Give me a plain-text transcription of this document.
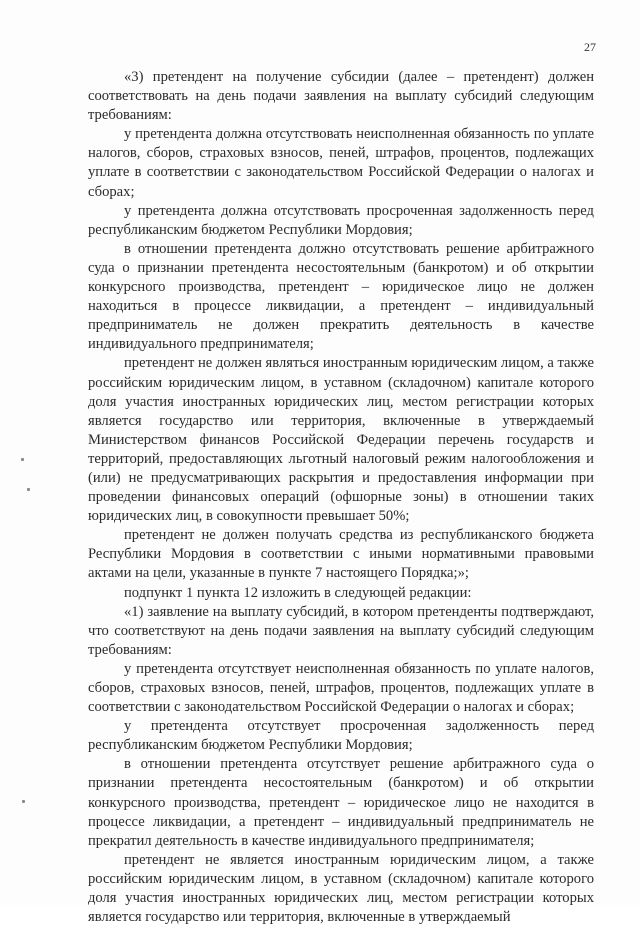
27

«3) претендент на получение субсидии (далее – претендент) должен соответствовать на день подачи заявления на выплату субсидий следующим требованиям:

у претендента должна отсутствовать неисполненная обязанность по уплате налогов, сборов, страховых взносов, пеней, штрафов, процентов, подлежащих уплате в соответствии с законодательством Российской Федерации о налогах и сборах;

у претендента должна отсутствовать просроченная задолженность перед республиканским бюджетом Республики Мордовия;

в отношении претендента должно отсутствовать решение арбитражного суда о признании претендента несостоятельным (банкротом) и об открытии конкурсного производства, претендент – юридическое лицо не должен находиться в процессе ликвидации, а претендент – индивидуальный предприниматель не должен прекратить деятельность в качестве индивидуального предпринимателя;

претендент не должен являться иностранным юридическим лицом, а также российским юридическим лицом, в уставном (складочном) капитале которого доля участия иностранных юридических лиц, местом регистрации которых является государство или территория, включенные в утверждаемый Министерством финансов Российской Федерации перечень государств и территорий, предоставляющих льготный налоговый режим налогообложения и (или) не предусматривающих раскрытия и предоставления информации при проведении финансовых операций (офшорные зоны) в отношении таких юридических лиц, в совокупности превышает 50%;

претендент не должен получать средства из республиканского бюджета Республики Мордовия в соответствии с иными нормативными правовыми актами на цели, указанные в пункте 7 настоящего Порядка;»;

подпункт 1 пункта 12 изложить в следующей редакции:

«1) заявление на выплату субсидий, в котором претенденты подтверждают, что соответствуют на день подачи заявления на выплату субсидий следующим требованиям:

у претендента отсутствует неисполненная обязанность по уплате налогов, сборов, страховых взносов, пеней, штрафов, процентов, подлежащих уплате в соответствии с законодательством Российской Федерации о налогах и сборах;

у претендента отсутствует просроченная задолженность перед республиканским бюджетом Республики Мордовия;

в отношении претендента отсутствует решение арбитражного суда о признании претендента несостоятельным (банкротом) и об открытии конкурсного производства, претендент – юридическое лицо не находится в процессе ликвидации, а претендент – индивидуальный предприниматель не прекратил деятельность в качестве индивидуального предпринимателя;

претендент не является иностранным юридическим лицом, а также российским юридическим лицом, в уставном (складочном) капитале которого доля участия иностранных юридических лиц, местом регистрации которых является государство или территория, включенные в утверждаемый
